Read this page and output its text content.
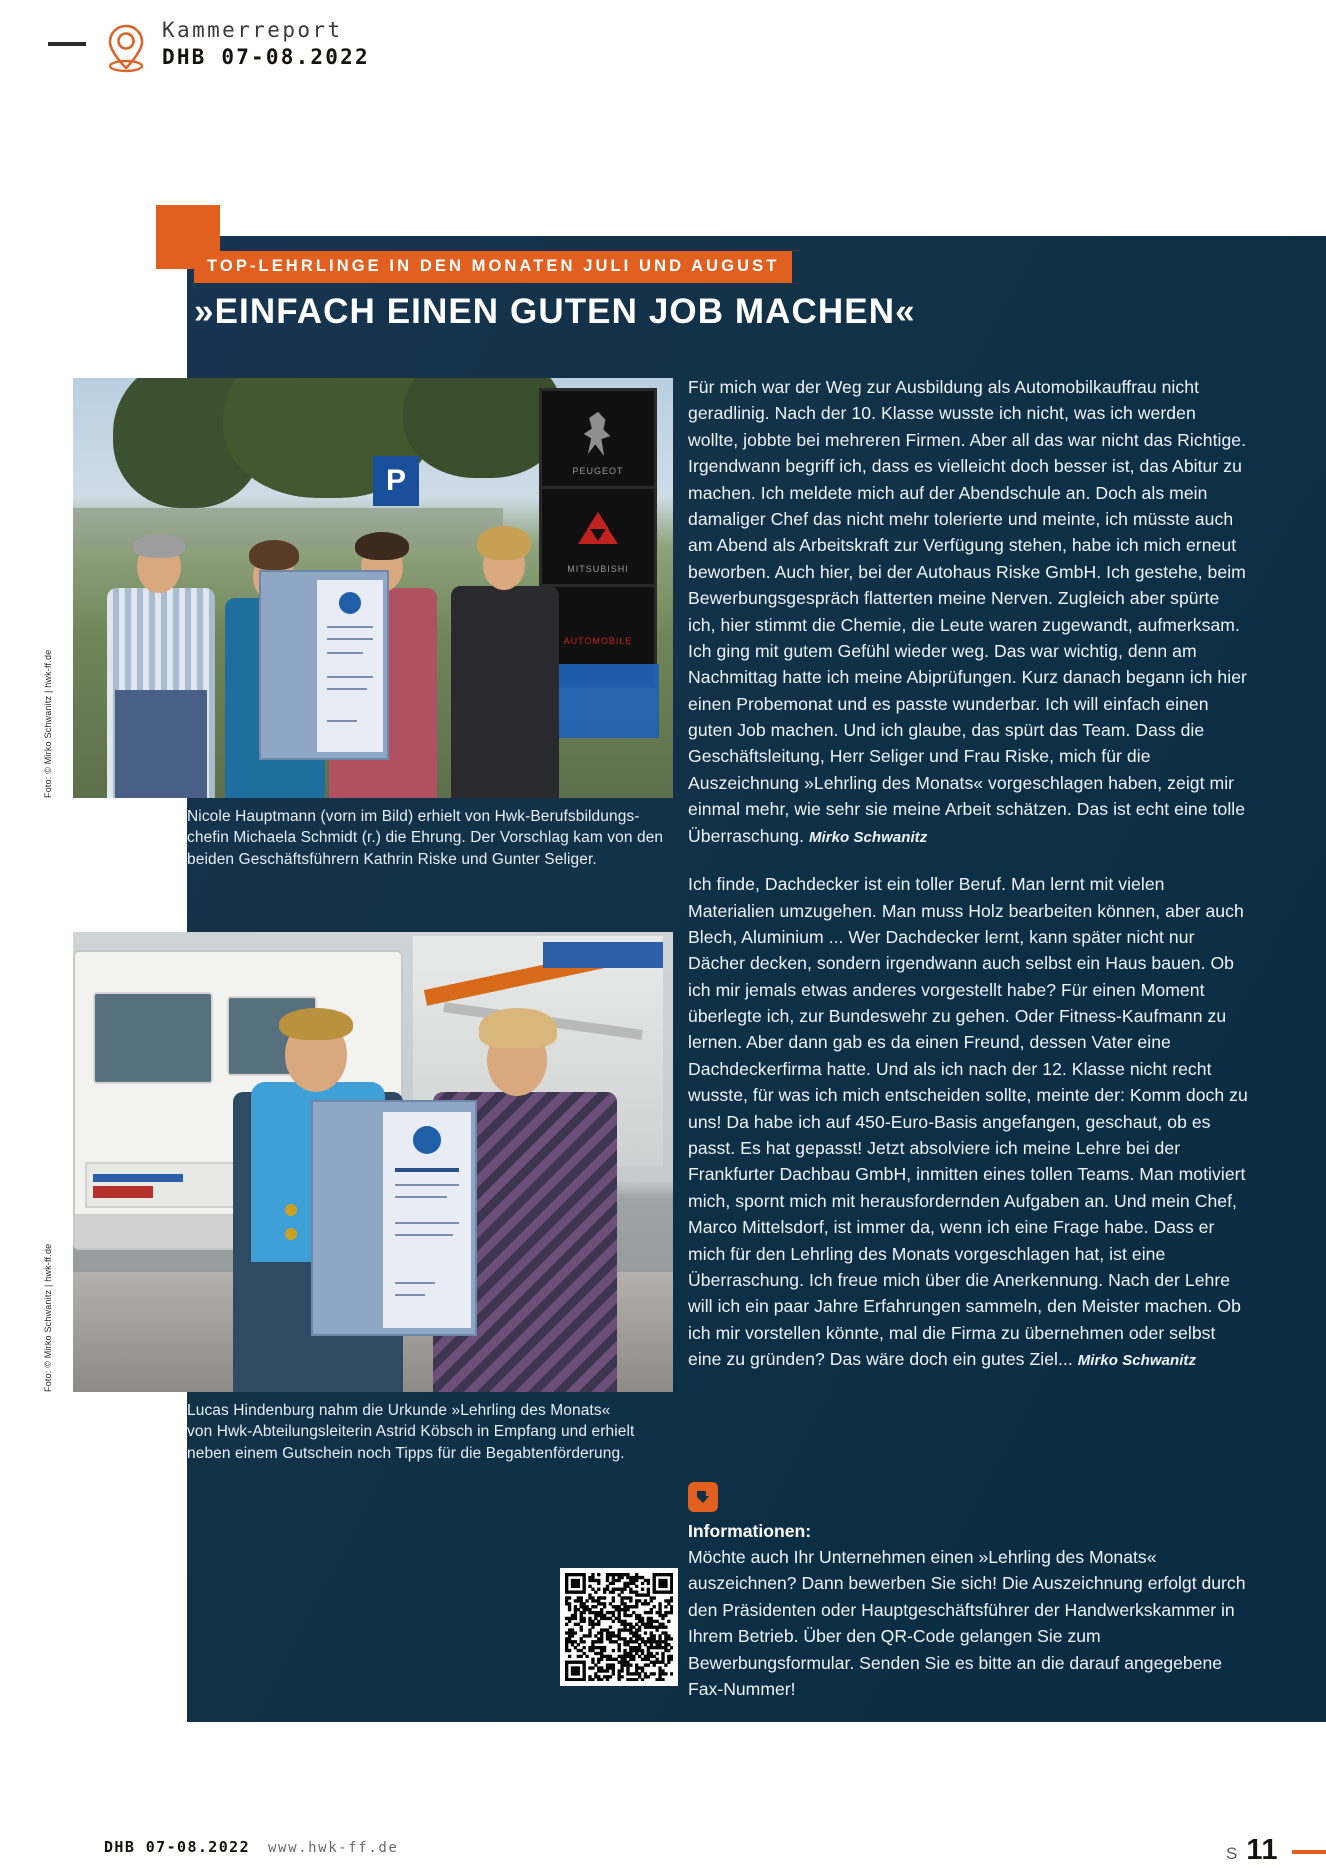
Kammerreport
DHB 07-08.2022
TOP-LEHRLINGE IN DEN MONATEN JULI UND AUGUST
»EINFACH EINEN GUTEN JOB MACHEN«
Foto: © Mirko Schwanitz | hwk-ff.de
P	PEUGEOT
MITSUBISHI
AUTOMOBILE
Nicole Hauptmann (vorn im Bild) erhielt von Hwk-Berufsbildungs-
chefin Michaela Schmidt (r.) die Ehrung. Der Vorschlag kam von den
beiden Geschäftsführern Kathrin Riske und Gunter Seliger.
Foto: © Mirko Schwanitz | hwk-ff.de
Lucas Hindenburg nahm die Urkunde »Lehrling des Monats«
von Hwk-Abteilungsleiterin Astrid Köbsch in Empfang und erhielt
neben einem Gutschein noch Tipps für die Begabtenförderung.

Für mich war der Weg zur Ausbildung als Automobilkauffrau nicht geradlinig. Nach der 10. Klasse wusste ich nicht, was ich werden wollte, jobbte bei mehreren Firmen. Aber all das war nicht das Richtige. Irgendwann begriff ich, dass es vielleicht doch besser ist, das Abitur zu machen. Ich meldete mich auf der Abendschule an. Doch als mein damaliger Chef das nicht mehr tolerierte und meinte, ich müsste auch am Abend als Arbeitskraft zur Verfügung stehen, habe ich mich erneut beworben. Auch hier, bei der Autohaus Riske GmbH. Ich gestehe, beim Bewerbungsgespräch flatterten meine Nerven. Zugleich aber spürte ich, hier stimmt die Chemie, die Leute waren zugewandt, aufmerksam. Ich ging mit gutem Gefühl wieder weg. Das war wichtig, denn am Nachmittag hatte ich meine Abiprüfungen. Kurz danach begann ich hier einen Probemonat und es passte wunderbar. Ich will einfach einen guten Job machen. Und ich glaube, das spürt das Team. Dass die Geschäftsleitung, Herr Seliger und Frau Riske, mich für die Auszeichnung »Lehrling des Monats« vorgeschlagen haben, zeigt mir einmal mehr, wie sehr sie meine Arbeit schätzen. Das ist echt eine tolle Überraschung. Mirko Schwanitz

Ich finde, Dachdecker ist ein toller Beruf. Man lernt mit vielen Materialien umzugehen. Man muss Holz bearbeiten können, aber auch Blech, Aluminium ... Wer Dachdecker lernt, kann später nicht nur Dächer decken, sondern irgendwann auch selbst ein Haus bauen. Ob ich mir jemals etwas anderes vorgestellt habe? Für einen Moment überlegte ich, zur Bundeswehr zu gehen. Oder Fitness-Kaufmann zu lernen. Aber dann gab es da einen Freund, dessen Vater eine Dachdeckerfirma hatte. Und als ich nach der 12. Klasse nicht recht wusste, für was ich mich entscheiden sollte, meinte der: Komm doch zu uns! Da habe ich auf 450-Euro-Basis angefangen, geschaut, ob es passt. Es hat gepasst! Jetzt absolviere ich meine Lehre bei der Frankfurter Dachbau GmbH, inmitten eines tollen Teams. Man motiviert mich, spornt mich mit herausfordernden Aufgaben an. Und mein Chef, Marco Mittelsdorf, ist immer da, wenn ich eine Frage habe. Dass er mich für den Lehrling des Monats vorgeschlagen hat, ist eine Überraschung. Ich freue mich über die Anerkennung. Nach der Lehre will ich ein paar Jahre Erfahrungen sammeln, den Meister machen. Ob ich mir vorstellen könnte, mal die Firma zu übernehmen oder selbst eine zu gründen? Das wäre doch ein gutes Ziel... Mirko Schwanitz

Informationen:
Möchte auch Ihr Unternehmen einen »Lehrling des Monats« auszeichnen? Dann bewerben Sie sich! Die Auszeichnung erfolgt durch den Präsidenten oder Hauptgeschäftsführer der Handwerkskammer in Ihrem Betrieb. Über den QR-Code gelangen Sie zum Bewerbungsformular. Senden Sie es bitte an die darauf angegebene Fax-Nummer!
DHB 07-08.2022 www.hwk-ff.de	S 11
